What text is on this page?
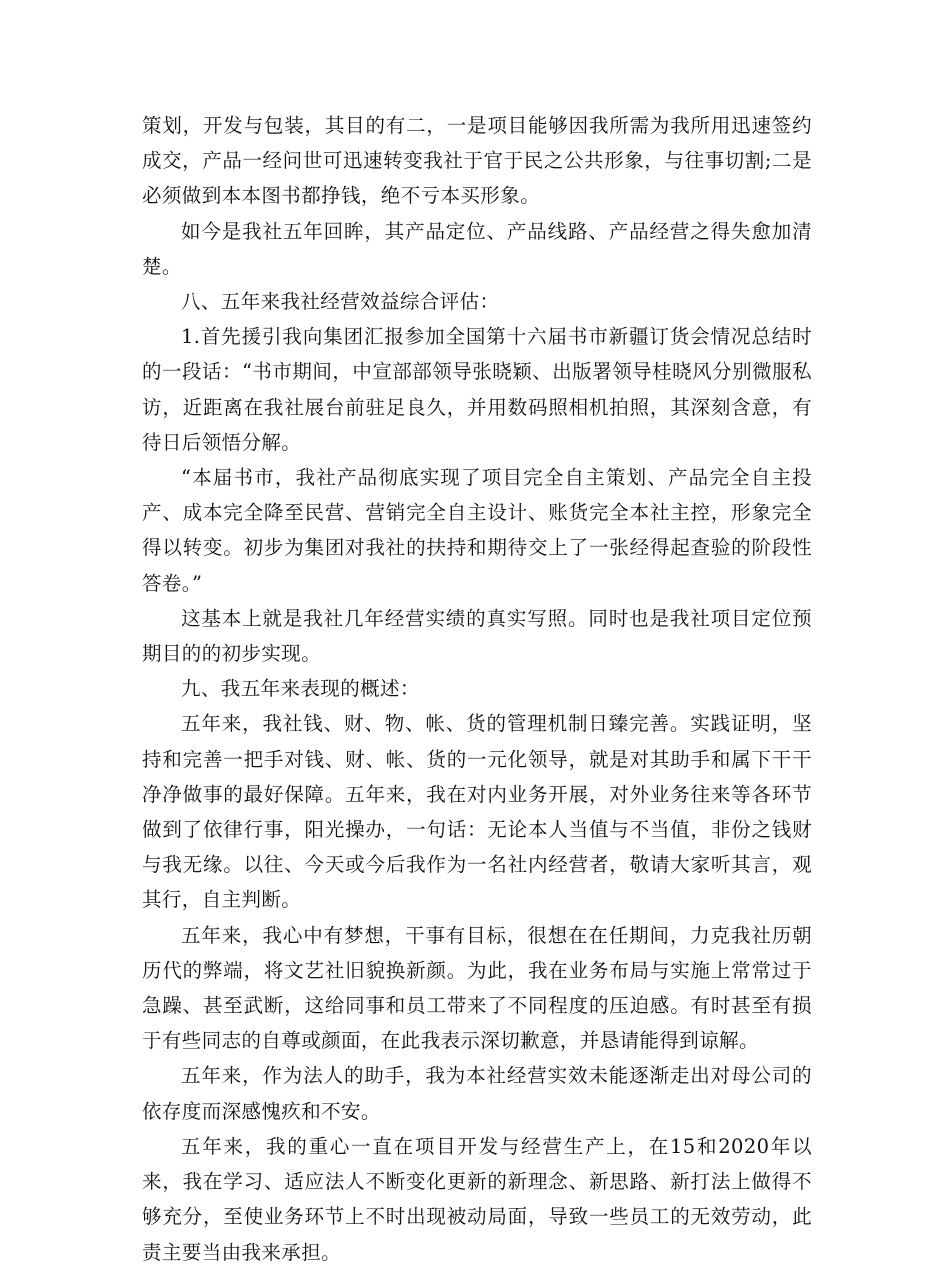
策划，开发与包装，其目的有二，一是项目能够因我所需为我所用迅速签约成交，产品一经问世可迅速转变我社于官于民之公共形象，与往事切割;二是必须做到本本图书都挣钱，绝不亏本买形象。

如今是我社五年回眸，其产品定位、产品线路、产品经营之得失愈加清楚。

八、五年来我社经营效益综合评估：

1.首先援引我向集团汇报参加全国第十六届书市新疆订货会情况总结时的一段话：“书市期间，中宣部部领导张晓颖、出版署领导桂晓风分别微服私访，近距离在我社展台前驻足良久，并用数码照相机拍照，其深刻含意，有待日后领悟分解。

“本届书市，我社产品彻底实现了项目完全自主策划、产品完全自主投产、成本完全降至民营、营销完全自主设计、账货完全本社主控，形象完全得以转变。初步为集团对我社的扶持和期待交上了一张经得起查验的阶段性答卷。”

这基本上就是我社几年经营实绩的真实写照。同时也是我社项目定位预期目的的初步实现。

九、我五年来表现的概述：

五年来，我社钱、财、物、帐、货的管理机制日臻完善。实践证明，坚持和完善一把手对钱、财、帐、货的一元化领导，就是对其助手和属下干干净净做事的最好保障。五年来，我在对内业务开展，对外业务往来等各环节做到了依律行事，阳光操办，一句话：无论本人当值与不当值，非份之钱财与我无缘。以往、今天或今后我作为一名社内经营者，敬请大家听其言，观其行，自主判断。

五年来，我心中有梦想，干事有目标，很想在在任期间，力克我社历朝历代的弊端，将文艺社旧貌换新颜。为此，我在业务布局与实施上常常过于急躁、甚至武断，这给同事和员工带来了不同程度的压迫感。有时甚至有损于有些同志的自尊或颜面，在此我表示深切歉意，并恳请能得到谅解。

五年来，作为法人的助手，我为本社经营实效未能逐渐走出对母公司的依存度而深感愧疚和不安。

五年来，我的重心一直在项目开发与经营生产上，在15和2020年以来，我在学习、适应法人不断变化更新的新理念、新思路、新打法上做得不够充分，至使业务环节上不时出现被动局面，导致一些员工的无效劳动，此责主要当由我来承担。
